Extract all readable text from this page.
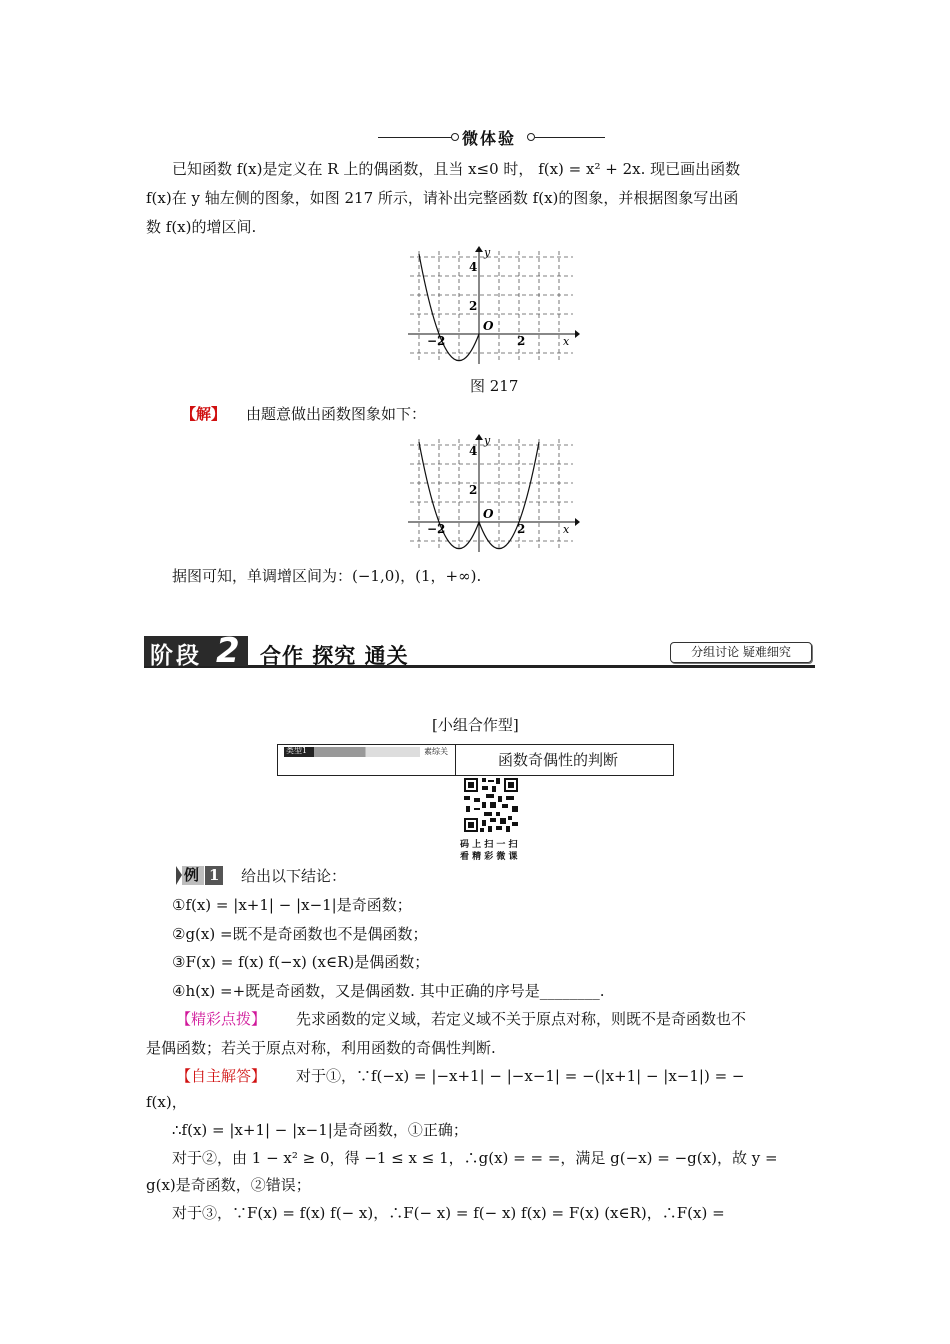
微体验
已知函数 f(x)是定义在 R 上的偶函数，且当 x≤0 时， f(x) = x² + 2x. 现已画出函数
f(x)在 y 轴左侧的图象，如图 217 所示，请补出完整函数 f(x)的图象，并根据图象写出函
数 f(x)的增区间.
y
x
O
4
2
−2	2
图 217
【解】 由题意做出函数图象如下：
y
x
O
4
2
−2	2
据图可知，单调增区间为：(−1,0)，(1，+∞).
阶段 2 合作 探究 通关	分组讨论 疑难细究
[小组合作型]
类型1	素综关	函数奇偶性的判断
码 上 扫 一 扫
看 精 彩 微 课
例 1 给出以下结论：
①f(x) = |x+1| − |x−1|是奇函数；
②g(x) =既不是奇函数也不是偶函数；
③F(x) = f(x) f(−x) (x∈R)是偶函数；
④h(x) =+既是奇函数，又是偶函数. 其中正确的序号是________.
【精彩点拨】 先求函数的定义域，若定义域不关于原点对称，则既不是奇函数也不
是偶函数；若关于原点对称，利用函数的奇偶性判断.
【自主解答】 对于①，∵f(−x) = |−x+1| − |−x−1| = −(|x+1| − |x−1|) = −
f(x)，
∴f(x) = |x+1| − |x−1|是奇函数，①正确；
对于②，由 1 − x² ≥ 0，得 −1 ≤ x ≤ 1，∴g(x) = = =，满足 g(−x) = −g(x)，故 y =
g(x)是奇函数，②错误；
对于③，∵F(x) = f(x) f(− x)，∴F(− x) = f(− x) f(x) = F(x) (x∈R)，∴F(x) =
